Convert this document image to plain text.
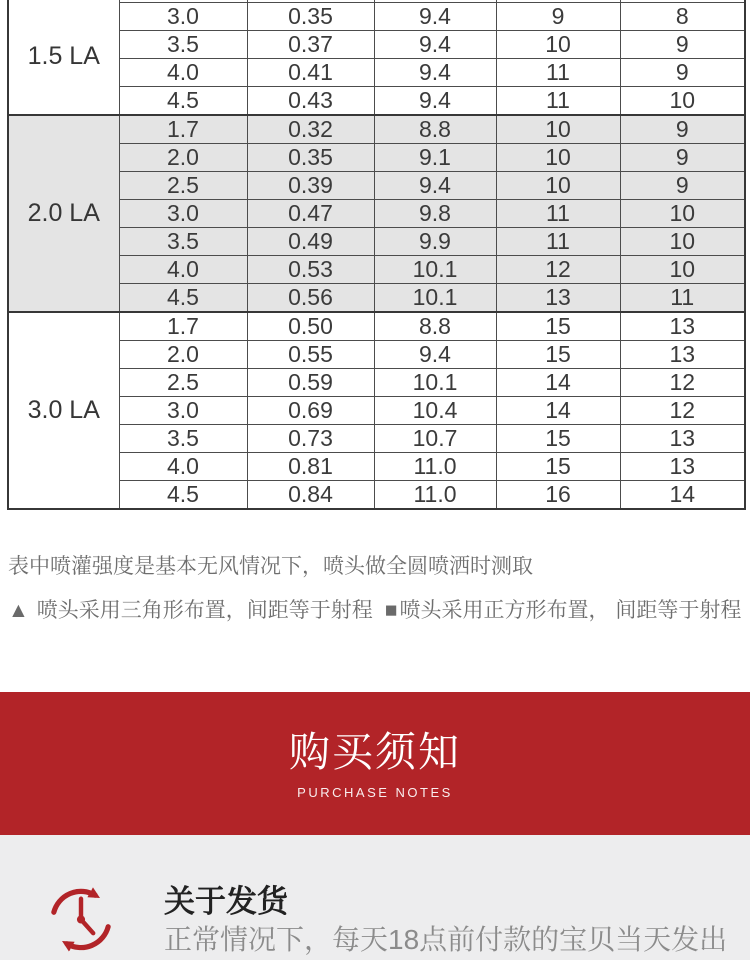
1.5 LA					
	3.0	0.35	9.4	9	8
	3.5	0.37	9.4	10	9
	4.0	0.41	9.4	11	9
	4.5	0.43	9.4	11	10
2.0 LA	1.7	0.32	8.8	10	9
	2.0	0.35	9.1	10	9
	2.5	0.39	9.4	10	9
	3.0	0.47	9.8	11	10
	3.5	0.49	9.9	11	10
	4.0	0.53	10.1	12	10
	4.5	0.56	10.1	13	11
3.0 LA	1.7	0.50	8.8	15	13
	2.0	0.55	9.4	15	13
	2.5	0.59	10.1	14	12
	3.0	0.69	10.4	14	12
	3.5	0.73	10.7	15	13
	4.0	0.81	11.0	15	13
	4.5	0.84	11.0	16	14

表中喷灌强度是基本无风情况下，喷头做全圆喷洒时测取

▲ 喷头采用三角形布置，间距等于射程 ■喷头采用正方形布置， 间距等于射程

购买须知
PURCHASE NOTES
关于发货
正常情况下，每天18点前付款的宝贝当天发出
